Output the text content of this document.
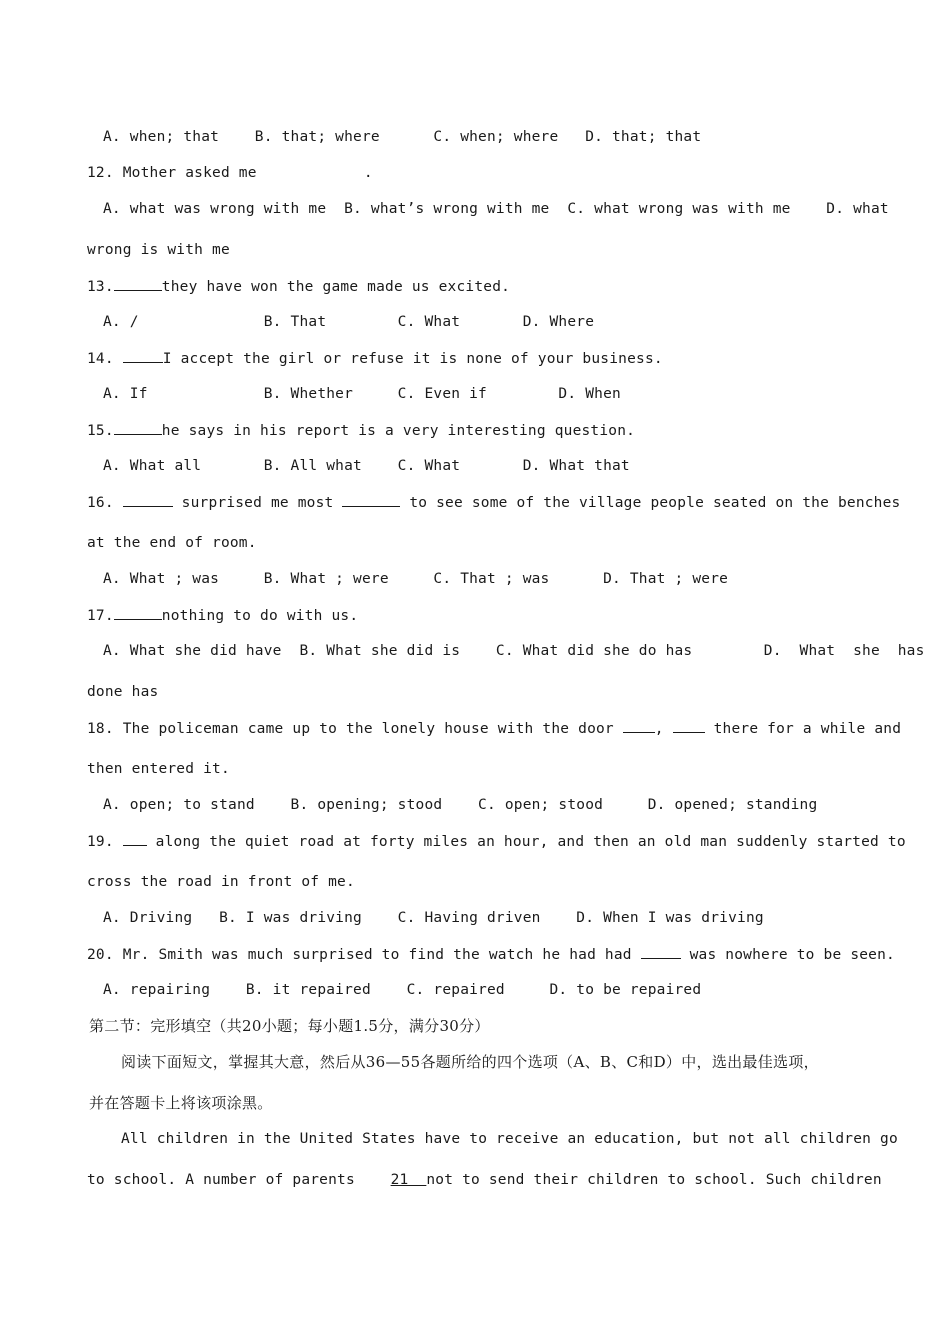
A. when; that    B. that; where      C. when; where   D. that; that
12. Mother asked me            .
A. what was wrong with me  B. what’s wrong with me  C. what wrong was with me    D. what
wrong is with me
13.	they have won the game made us excited.
A. /              B. That        C. What       D. Where
14.	I accept the girl or refuse it is none of your business.
A. If             B. Whether     C. Even if        D. When
15.	he says in his report is a very interesting question.
A. What all       B. All what    C. What       D. What that
16.	surprised me most	to see some of the village people seated on the benches
at the end of room.
A. What ; was     B. What ; were     C. That ; was      D. That ; were
17.	nothing to do with us.
A. What she did have  B. What she did is    C. What did she do has        D.  What  she  has
done has
18. The policeman came up to the lonely house with the door ,  there for a while and
then entered it.
A. open; to stand    B. opening; stood    C. open; stood     D. opened; standing
19.  along the quiet road at forty miles an hour, and then an old man suddenly started to
cross the road in front of me.
A. Driving   B. I was driving    C. Having driven    D. When I was driving
20. Mr. Smith was much surprised to find the watch he had had	was nowhere to be seen.
A. repairing    B. it repaired    C. repaired     D. to be repaired
第二节：完形填空（共20小题；每小题1.5分，满分30分）
阅读下面短文，掌握其大意，然后从36—55各题所给的四个选项（A、B、C和D）中，选出最佳选项，
并在答题卡上将该项涂黑。
All children in the United States have to receive an education, but not all children go
to school. A number of parents    21  not to send their children to school. Such children
